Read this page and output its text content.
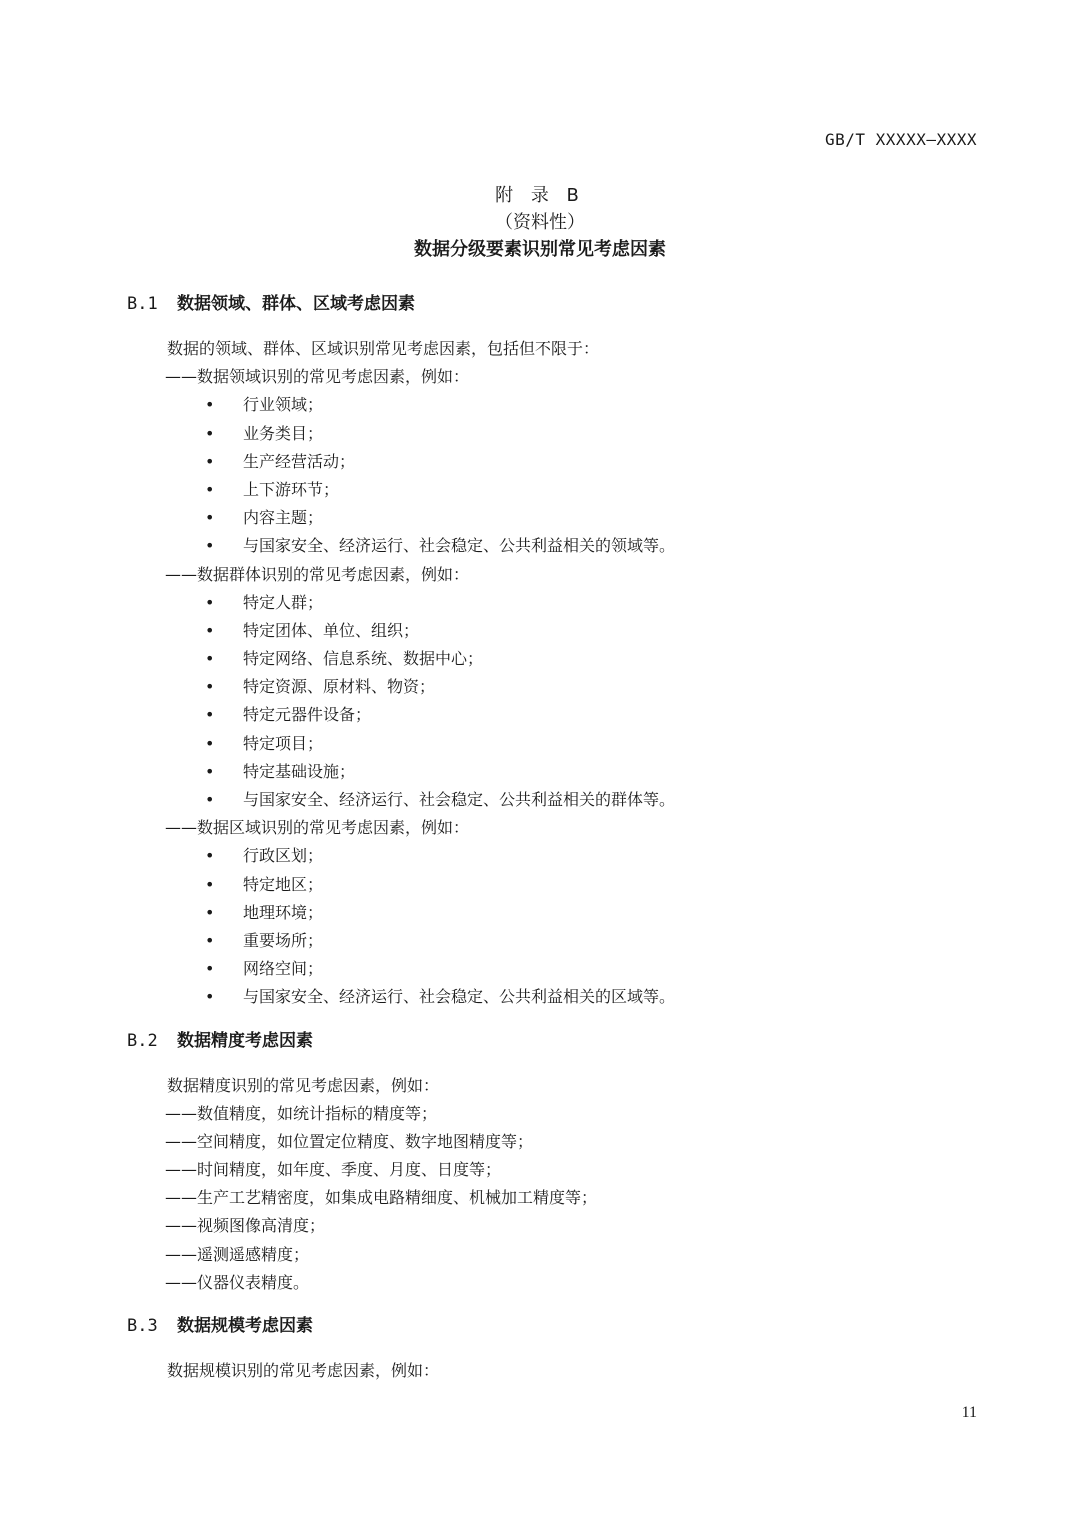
GB/T XXXXX—XXXX
附 录 B
（资料性）
数据分级要素识别常见考虑因素
B.1 数据领域、群体、区域考虑因素
数据的领域、群体、区域识别常见考虑因素，包括但不限于：
——数据领域识别的常见考虑因素，例如：
• 行业领域；
• 业务类目；
• 生产经营活动；
• 上下游环节；
• 内容主题；
• 与国家安全、经济运行、社会稳定、公共利益相关的领域等。
——数据群体识别的常见考虑因素，例如：
• 特定人群；
• 特定团体、单位、组织；
• 特定网络、信息系统、数据中心；
• 特定资源、原材料、物资；
• 特定元器件设备；
• 特定项目；
• 特定基础设施；
• 与国家安全、经济运行、社会稳定、公共利益相关的群体等。
——数据区域识别的常见考虑因素，例如：
• 行政区划；
• 特定地区；
• 地理环境；
• 重要场所；
• 网络空间；
• 与国家安全、经济运行、社会稳定、公共利益相关的区域等。
B.2 数据精度考虑因素
数据精度识别的常见考虑因素，例如：
——数值精度，如统计指标的精度等；
——空间精度，如位置定位精度、数字地图精度等；
——时间精度，如年度、季度、月度、日度等；
——生产工艺精密度，如集成电路精细度、机械加工精度等；
——视频图像高清度；
——遥测遥感精度；
——仪器仪表精度。
B.3 数据规模考虑因素
数据规模识别的常见考虑因素，例如：
11
